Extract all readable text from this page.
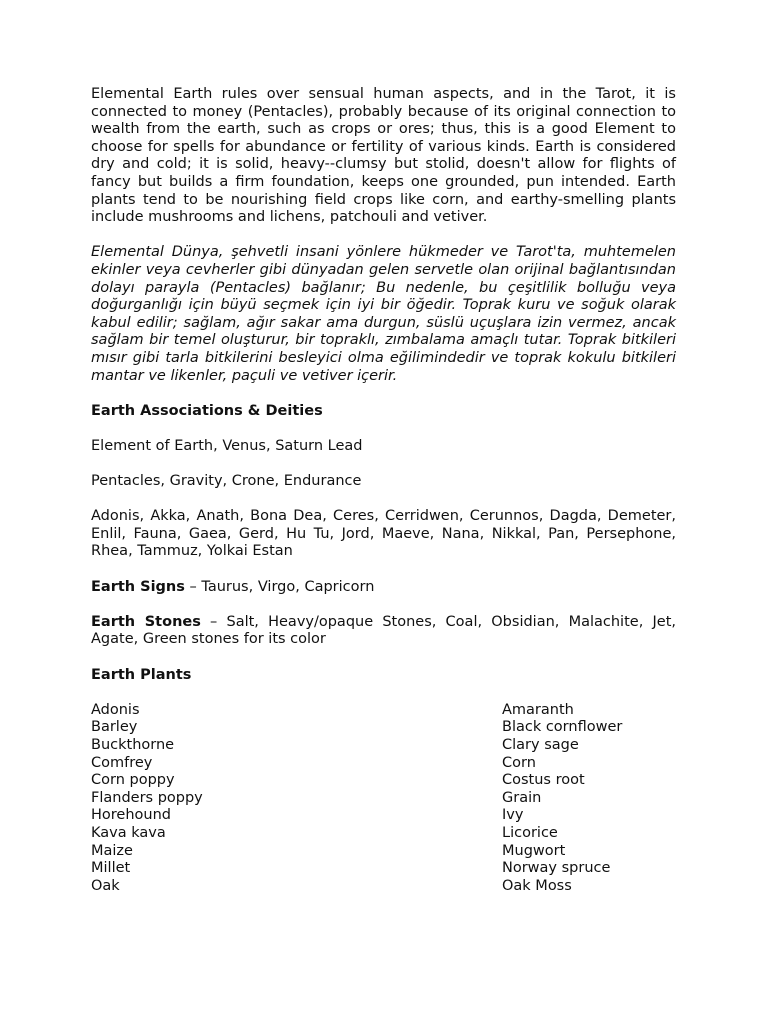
Elemental Earth rules over sensual human aspects, and in the Tarot, it is connected to money (Pentacles), probably because of its original connection to wealth from the earth, such as crops or ores; thus, this is a good Element to choose for spells for abundance or fertility of various kinds. Earth is considered dry and cold; it is solid, heavy--clumsy but stolid, doesn't allow for flights of fancy but builds a firm foundation, keeps one grounded, pun intended. Earth plants tend to be nourishing field crops like corn, and earthy-smelling plants include mushrooms and lichens, patchouli and vetiver.

Elemental Dünya, şehvetli insani yönlere hükmeder ve Tarot'ta, muhtemelen ekinler veya cevherler gibi dünyadan gelen servetle olan orijinal bağlantısından dolayı parayla (Pentacles) bağlanır; Bu nedenle, bu çeşitlilik bolluğu veya doğurganlığı için büyü seçmek için iyi bir öğedir. Toprak kuru ve soğuk olarak kabul edilir; sağlam, ağır sakar ama durgun, süslü uçuşlara izin vermez, ancak sağlam bir temel oluşturur, bir topraklı, zımbalama amaçlı tutar. Toprak bitkileri mısır gibi tarla bitkilerini besleyici olma eğilimindedir ve toprak kokulu bitkileri mantar ve likenler, paçuli ve vetiver içerir.

Earth Associations & Deities
Element of Earth, Venus, Saturn Lead
Pentacles, Gravity, Crone, Endurance

Adonis, Akka, Anath, Bona Dea, Ceres, Cerridwen, Cerunnos, Dagda, Demeter, Enlil, Fauna, Gaea, Gerd, Hu Tu, Jord, Maeve, Nana, Nikkal, Pan, Persephone, Rhea, Tammuz, Yolkai Estan

Earth Signs – Taurus, Virgo, Capricorn

Earth Stones – Salt, Heavy/opaque Stones, Coal, Obsidian, Malachite, Jet, Agate, Green stones for its color

Earth Plants
Adonis
Barley
Buckthorne
Comfrey
Corn poppy
Flanders poppy
Horehound
Kava kava
Maize
Millet
Oak
Amaranth
Black cornflower
Clary sage
Corn
Costus root
Grain
Ivy
Licorice
Mugwort
Norway spruce
Oak Moss
